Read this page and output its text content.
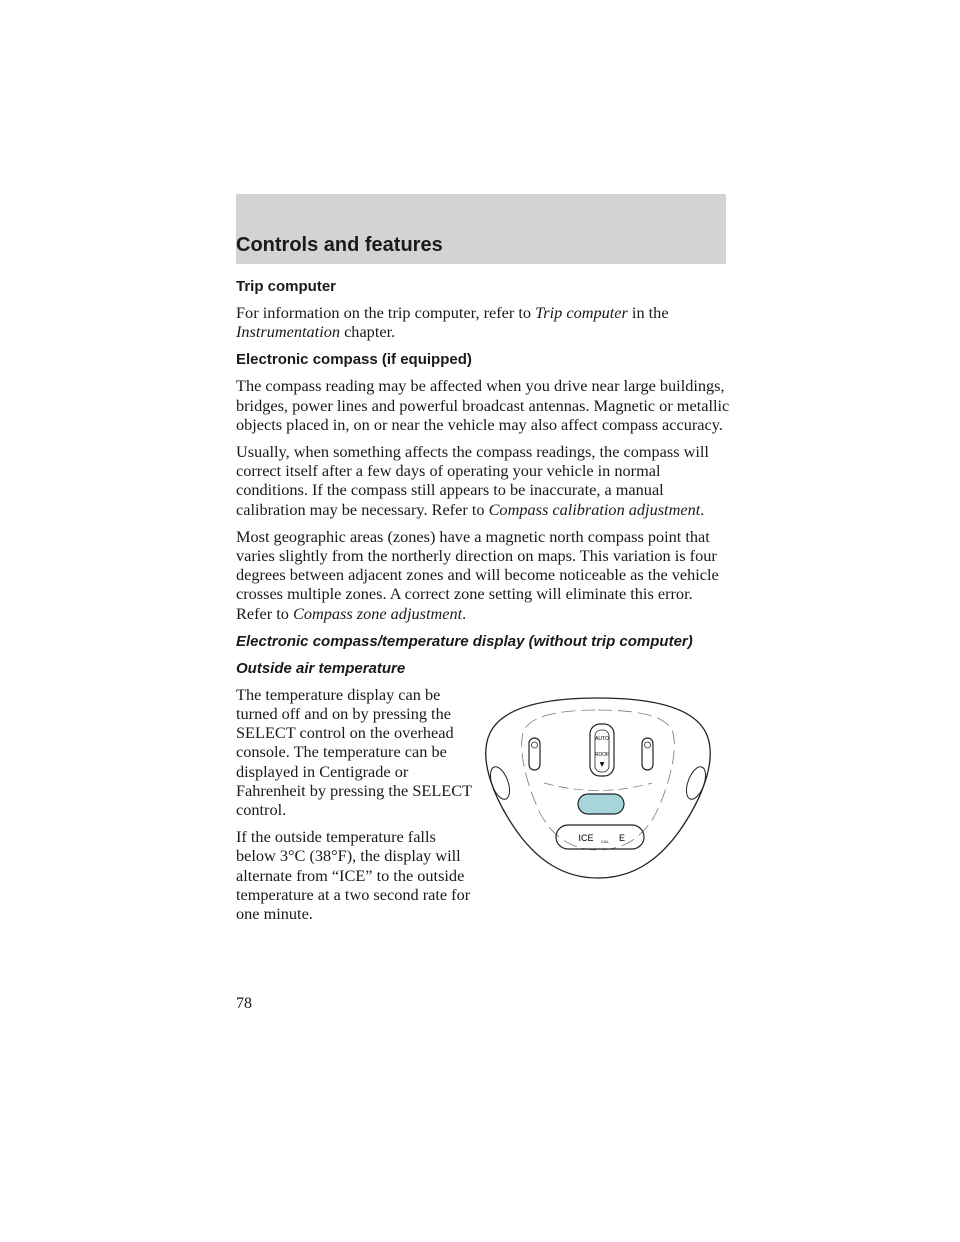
Controls and features
Trip computer

For information on the trip computer, refer to Trip computer in the Instrumentation chapter.

Electronic compass (if equipped)

The compass reading may be affected when you drive near large buildings, bridges, power lines and powerful broadcast antennas. Magnetic or metallic objects placed in, on or near the vehicle may also affect compass accuracy.

Usually, when something affects the compass readings, the compass will correct itself after a few days of operating your vehicle in normal conditions. If the compass still appears to be inaccurate, a manual calibration may be necessary. Refer to Compass calibration adjustment.

Most geographic areas (zones) have a magnetic north compass point that varies slightly from the northerly direction on maps. This variation is four degrees between adjacent zones and will become noticeable as the vehicle crosses multiple zones. A correct zone setting will eliminate this error. Refer to Compass zone adjustment.

Electronic compass/temperature display (without trip computer)
Outside air temperature

The temperature display can be turned off and on by pressing the SELECT control on the overhead console. The temperature can be displayed in Centigrade or Fahrenheit by pressing the SELECT control.

If the outside temperature falls below 3°C (38°F), the display will alternate from “ICE” to the outside temperature at a two second rate for one minute.

AUTO
ROOF
▼
ICE CAL E
78
